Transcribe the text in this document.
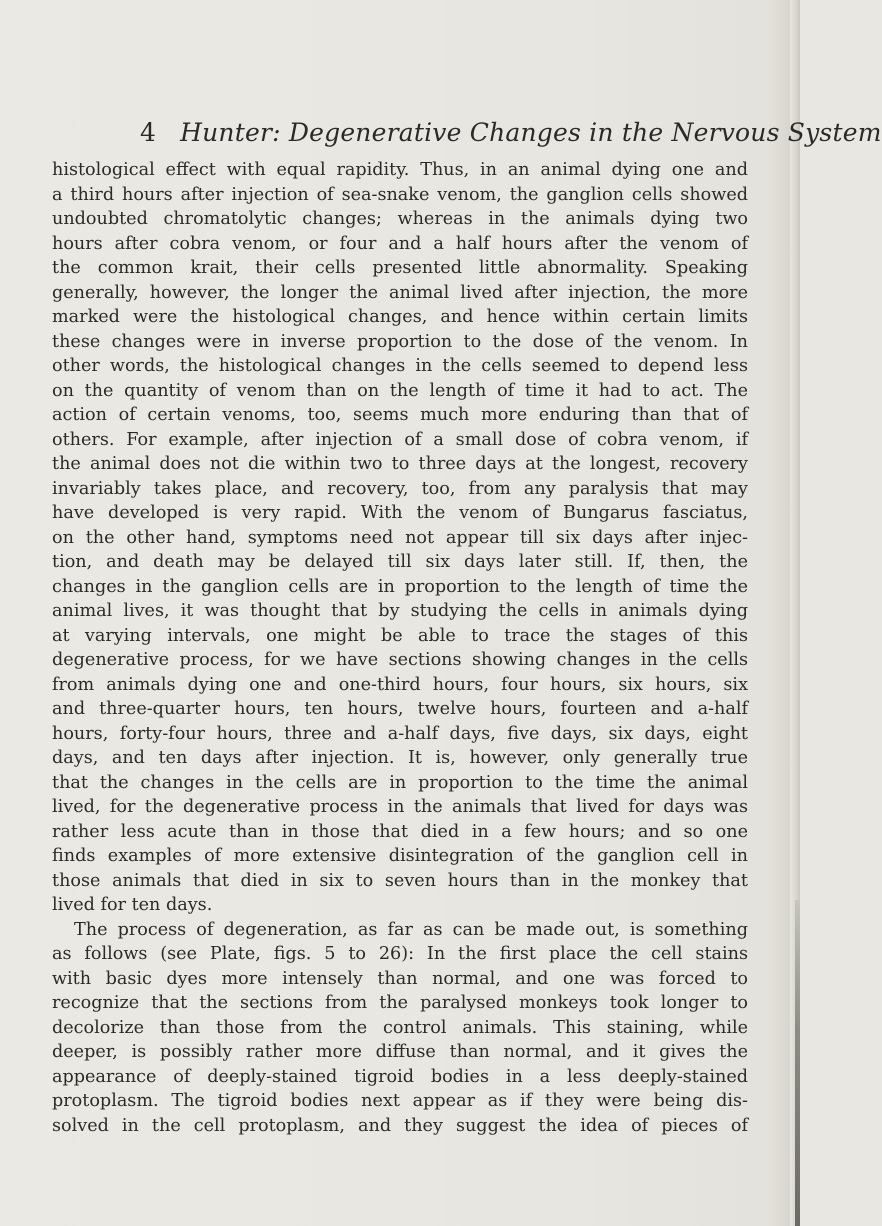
4 Hunter: Degenerative Changes in the Nervous System
histological effect with equal rapidity. Thus, in an animal dying one and
a third hours after injection of sea-snake venom, the ganglion cells showed
undoubted chromatolytic changes; whereas in the animals dying two
hours after cobra venom, or four and a half hours after the venom of
the common krait, their cells presented little abnormality. Speaking
generally, however, the longer the animal lived after injection, the more
marked were the histological changes, and hence within certain limits
these changes were in inverse proportion to the dose of the venom. In
other words, the histological changes in the cells seemed to depend less
on the quantity of venom than on the length of time it had to act. The
action of certain venoms, too, seems much more enduring than that of
others. For example, after injection of a small dose of cobra venom, if
the animal does not die within two to three days at the longest, recovery
invariably takes place, and recovery, too, from any paralysis that may
have developed is very rapid. With the venom of Bungarus fasciatus,
on the other hand, symptoms need not appear till six days after injec-
tion, and death may be delayed till six days later still. If, then, the
changes in the ganglion cells are in proportion to the length of time the
animal lives, it was thought that by studying the cells in animals dying
at varying intervals, one might be able to trace the stages of this
degenerative process, for we have sections showing changes in the cells
from animals dying one and one-third hours, four hours, six hours, six
and three-quarter hours, ten hours, twelve hours, fourteen and a-half
hours, forty-four hours, three and a-half days, five days, six days, eight
days, and ten days after injection. It is, however, only generally true
that the changes in the cells are in proportion to the time the animal
lived, for the degenerative process in the animals that lived for days was
rather less acute than in those that died in a few hours; and so one
finds examples of more extensive disintegration of the ganglion cell in
those animals that died in six to seven hours than in the monkey that
lived for ten days.
The process of degeneration, as far as can be made out, is something
as follows (see Plate, figs. 5 to 26): In the first place the cell stains
with basic dyes more intensely than normal, and one was forced to
recognize that the sections from the paralysed monkeys took longer to
decolorize than those from the control animals. This staining, while
deeper, is possibly rather more diffuse than normal, and it gives the
appearance of deeply-stained tigroid bodies in a less deeply-stained
protoplasm. The tigroid bodies next appear as if they were being dis-
solved in the cell protoplasm, and they suggest the idea of pieces of
